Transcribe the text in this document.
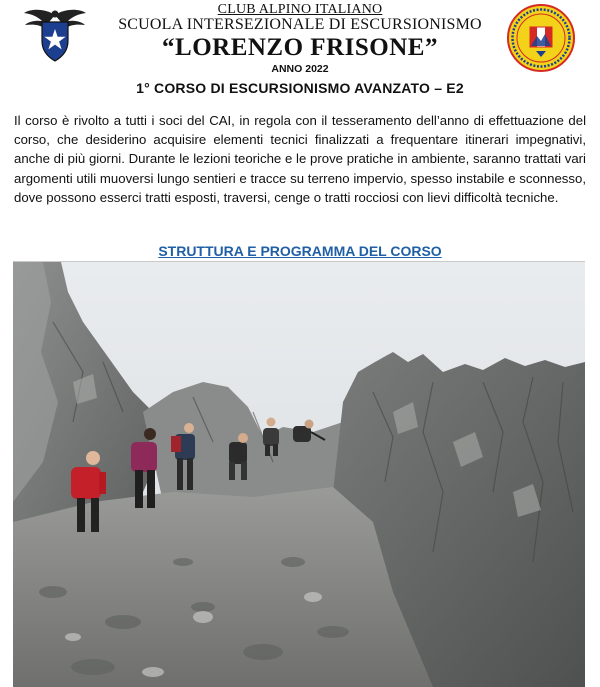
CLUB ALPINO ITALIANO
SCUOLA INTERSEZIONALE DI ESCURSIONISMO
“LORENZO FRISONE”
ANNO 2022
1° CORSO DI ESCURSIONISMO AVANZATO – E2

Il corso è rivolto a tutti i soci del CAI, in regola con il tesseramento dell’anno di effettuazione del corso, che desiderino acquisire elementi tecnici finalizzati a frequentare itinerari impegnativi, anche di più giorni. Durante le lezioni teoriche e le prove pratiche in ambiente, saranno trattati vari argomenti utili muoversi lungo sentieri e tracce su terreno impervio, spesso instabile e sconnesso, dove possono esserci tratti esposti, traversi, cenge o tratti rocciosi con lievi difficoltà tecniche.

STRUTTURA E PROGRAMMA DEL CORSO
